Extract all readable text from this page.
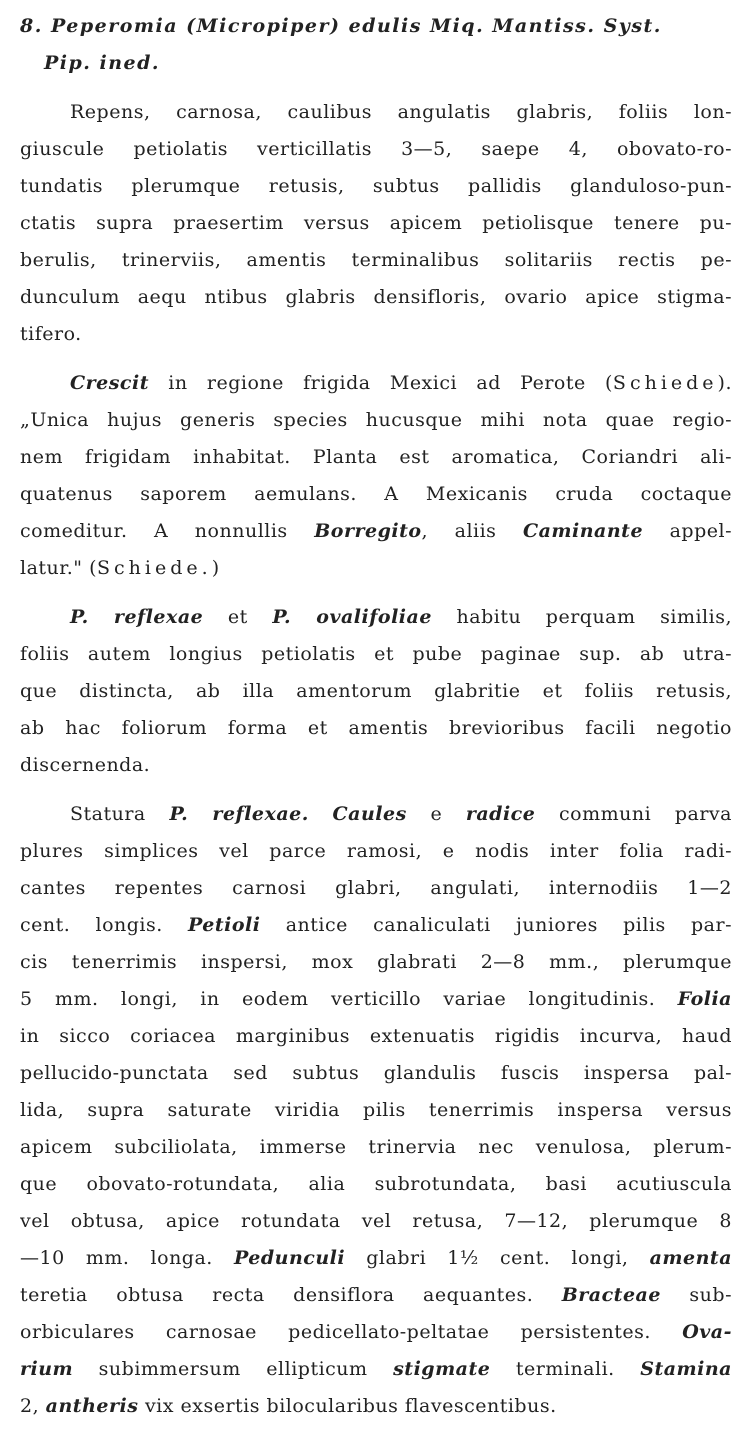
8. Peperomia (Micropiper) edulis Miq. Mantiss. Syst.
Pip. ined.
Repens, carnosa, caulibus angulatis glabris, foliis lon-
giuscule petiolatis verticillatis 3—5, saepe 4, obovato-ro-
tundatis plerumque retusis, subtus pallidis glanduloso-pun-
ctatis supra praesertim versus apicem petiolisque tenere pu-
berulis, trinerviis, amentis terminalibus solitariis rectis pe-
dunculum aequ ntibus glabris densifloris, ovario apice stigma-
tifero.
Crescit in regione frigida Mexici ad Perote (Schiede).
„Unica hujus generis species hucusque mihi nota quae regio-
nem frigidam inhabitat. Planta est aromatica, Coriandri ali-
quatenus saporem aemulans. A Mexicanis cruda coctaque
comeditur. A nonnullis Borregito, aliis Caminante appel-
latur." (Schiede.)
P. reflexae et P. ovalifoliae habitu perquam similis,
foliis autem longius petiolatis et pube paginae sup. ab utra-
que distincta, ab illa amentorum glabritie et foliis retusis,
ab hac foliorum forma et amentis brevioribus facili negotio
discernenda.
Statura P. reflexae. Caules e radice communi parva
plures simplices vel parce ramosi, e nodis inter folia radi-
cantes repentes carnosi glabri, angulati, internodiis 1—2
cent. longis. Petioli antice canaliculati juniores pilis par-
cis tenerrimis inspersi, mox glabrati 2—8 mm., plerumque
5 mm. longi, in eodem verticillo variae longitudinis. Folia
in sicco coriacea marginibus extenuatis rigidis incurva, haud
pellucido-punctata sed subtus glandulis fuscis inspersa pal-
lida, supra saturate viridia pilis tenerrimis inspersa versus
apicem subciliolata, immerse trinervia nec venulosa, plerum-
que obovato-rotundata, alia subrotundata, basi acutiuscula
vel obtusa, apice rotundata vel retusa, 7—12, plerumque 8
—10 mm. longa. Pedunculi glabri 1½ cent. longi, amenta
teretia obtusa recta densiflora aequantes. Bracteae sub-
orbiculares carnosae pedicellato-peltatae persistentes. Ova-
rium subimmersum ellipticum stigmate terminali. Stamina
2, antheris vix exsertis bilocularibus flavescentibus.
